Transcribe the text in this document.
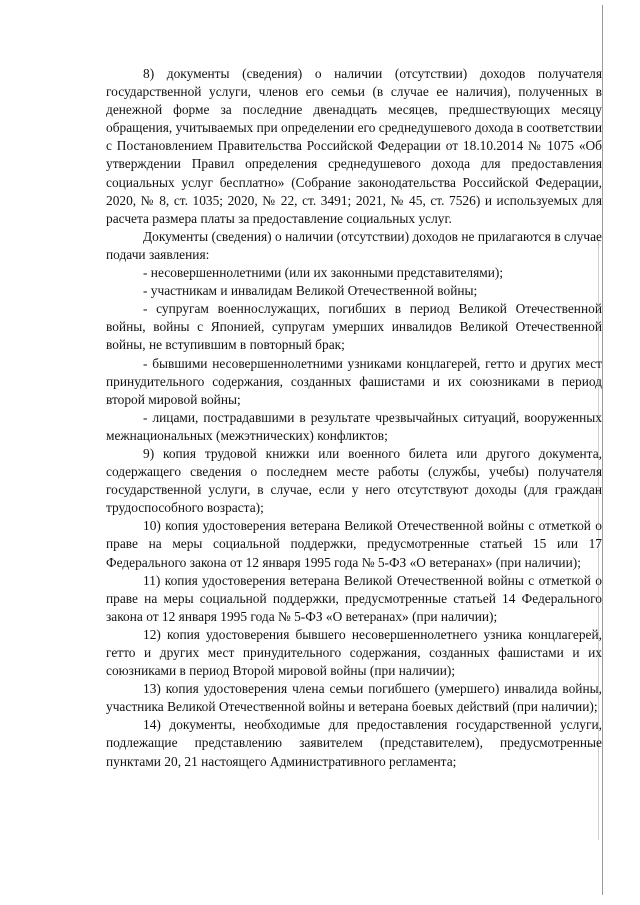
8) документы (сведения) о наличии (отсутствии) доходов получателя государственной услуги, членов его семьи (в случае ее наличия), полученных в денежной форме за последние двенадцать месяцев, предшествующих месяцу обращения, учитываемых при определении его среднедушевого дохода в соответствии с Постановлением Правительства Российской Федерации от 18.10.2014 № 1075 «Об утверждении Правил определения среднедушевого дохода для предоставления социальных услуг бесплатно» (Собрание законодательства Российской Федерации, 2020, № 8, ст. 1035; 2020, № 22, ст. 3491; 2021, № 45, ст. 7526) и используемых для расчета размера платы за предоставление социальных услуг.

Документы (сведения) о наличии (отсутствии) доходов не прилагаются в случае подачи заявления:

- несовершеннолетними (или их законными представителями);

- участникам и инвалидам Великой Отечественной войны;

- супругам военнослужащих, погибших в период Великой Отечественной войны, войны с Японией, супругам умерших инвалидов Великой Отечественной войны, не вступившим в повторный брак;

- бывшими несовершеннолетними узниками концлагерей, гетто и других мест принудительного содержания, созданных фашистами и их союзниками в период второй мировой войны;

- лицами, пострадавшими в результате чрезвычайных ситуаций, вооруженных межнациональных (межэтнических) конфликтов;

9) копия трудовой книжки или военного билета или другого документа, содержащего сведения о последнем месте работы (службы, учебы) получателя государственной услуги, в случае, если у него отсутствуют доходы (для граждан трудоспособного возраста);

10) копия удостоверения ветерана Великой Отечественной войны с отметкой о праве на меры социальной поддержки, предусмотренные статьей 15 или 17 Федерального закона от 12 января 1995 года № 5-ФЗ «О ветеранах» (при наличии);

11) копия удостоверения ветерана Великой Отечественной войны с отметкой о праве на меры социальной поддержки, предусмотренные статьей 14 Федерального закона от 12 января 1995 года № 5-ФЗ «О ветеранах» (при наличии);

12) копия удостоверения бывшего несовершеннолетнего узника концлагерей, гетто и других мест принудительного содержания, созданных фашистами и их союзниками в период Второй мировой войны (при наличии);

13) копия удостоверения члена семьи погибшего (умершего) инвалида войны, участника Великой Отечественной войны и ветерана боевых действий (при наличии);

14) документы, необходимые для предоставления государственной услуги, подлежащие представлению заявителем (представителем), предусмотренные пунктами 20, 21 настоящего Административного регламента;
